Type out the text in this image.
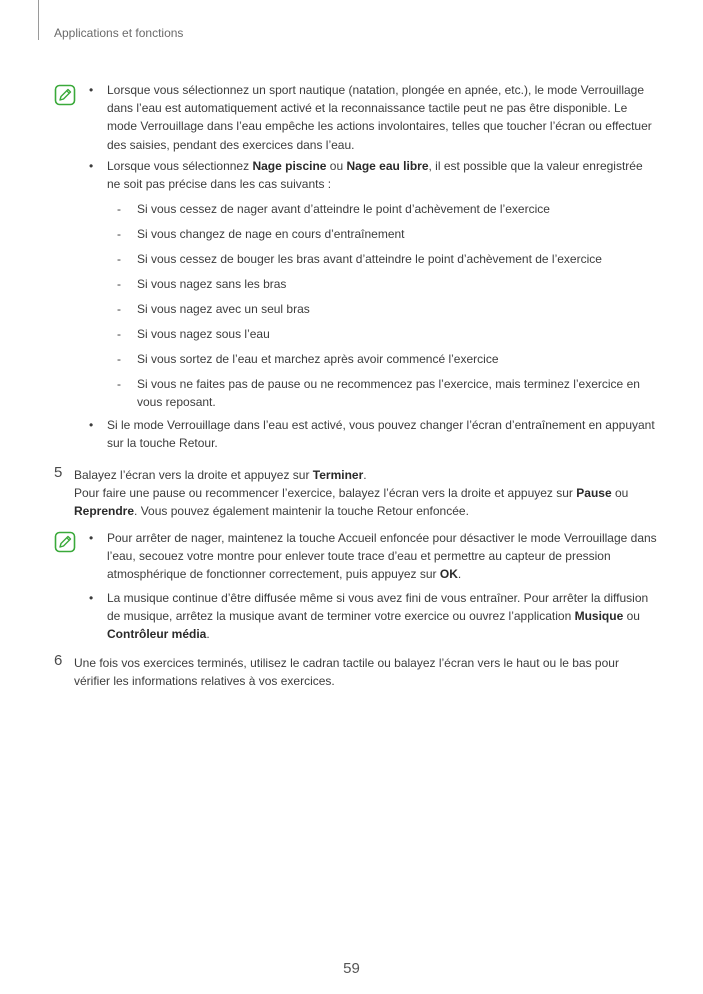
Applications et fonctions
• Lorsque vous sélectionnez un sport nautique (natation, plongée en apnée, etc.), le mode Verrouillage dans l’eau est automatiquement activé et la reconnaissance tactile peut ne pas être disponible. Le mode Verrouillage dans l’eau empêche les actions involontaires, telles que toucher l’écran ou effectuer des saisies, pendant des exercices dans l’eau.
• Lorsque vous sélectionnez Nage piscine ou Nage eau libre, il est possible que la valeur enregistrée ne soit pas précise dans les cas suivants :
- Si vous cessez de nager avant d’atteindre le point d’achèvement de l’exercice
- Si vous changez de nage en cours d’entraînement
- Si vous cessez de bouger les bras avant d’atteindre le point d’achèvement de l’exercice
- Si vous nagez sans les bras
- Si vous nagez avec un seul bras
- Si vous nagez sous l’eau
- Si vous sortez de l’eau et marchez après avoir commencé l’exercice
- Si vous ne faites pas de pause ou ne recommencez pas l’exercice, mais terminez l’exercice en vous reposant.
• Si le mode Verrouillage dans l’eau est activé, vous pouvez changer l’écran d’entraînement en appuyant sur la touche Retour.
5 Balayez l’écran vers la droite et appuyez sur Terminer.
Pour faire une pause ou recommencer l’exercice, balayez l’écran vers la droite et appuyez sur Pause ou Reprendre. Vous pouvez également maintenir la touche Retour enfoncée.
• Pour arrêter de nager, maintenez la touche Accueil enfoncée pour désactiver le mode Verrouillage dans l’eau, secouez votre montre pour enlever toute trace d’eau et permettre au capteur de pression atmosphérique de fonctionner correctement, puis appuyez sur OK.
• La musique continue d’être diffusée même si vous avez fini de vous entraîner. Pour arrêter la diffusion de musique, arrêtez la musique avant de terminer votre exercice ou ouvrez l’application Musique ou Contrôleur média.
6 Une fois vos exercices terminés, utilisez le cadran tactile ou balayez l’écran vers le haut ou le bas pour vérifier les informations relatives à vos exercices.
59
